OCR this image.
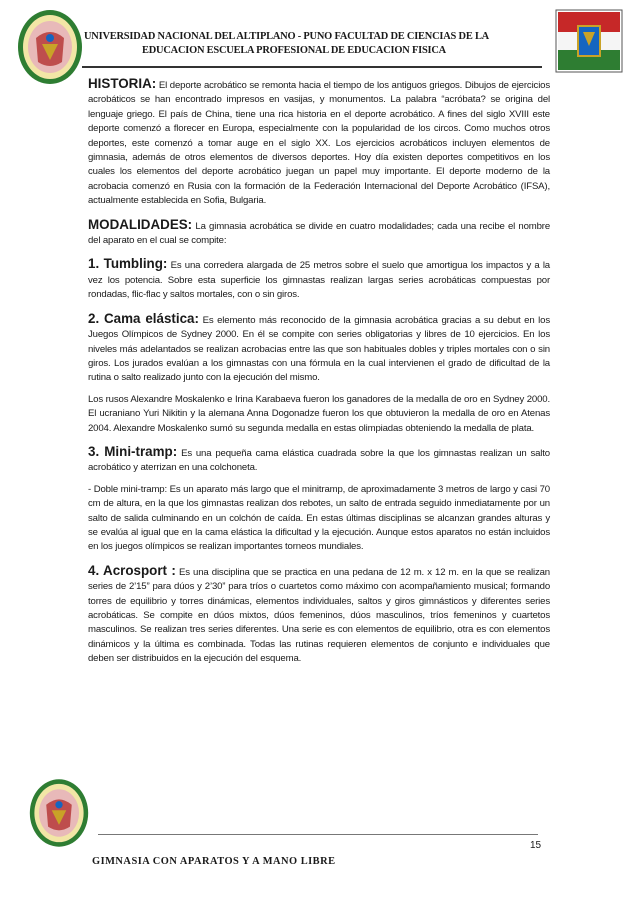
UNIVERSIDAD NACIONAL DEL ALTIPLANO - PUNO FACULTAD DE CIENCIAS DE LA
EDUCACION ESCUELA PROFESIONAL DE EDUCACION FISICA

HISTORIA: El deporte acrobático se remonta hacia el tiempo de los antiguos griegos. Dibujos de ejercicios acrobáticos se han encontrado impresos en vasijas, y monumentos. La palabra “acróbata? se origina del lenguaje griego. El país de China, tiene una rica historia en el deporte acrobático. A fines del siglo XVIII este deporte comenzó a florecer en Europa, especialmente con la popularidad de los circos. Como muchos otros deportes, este comenzó a tomar auge en el siglo XX. Los ejercicios acrobáticos incluyen elementos de gimnasia, además de otros elementos de diversos deportes. Hoy día existen deportes competitivos en los cuales los elementos del deporte acrobático juegan un papel muy importante. El deporte moderno de la acrobacia comenzó en Rusia con la formación de la Federación Internacional del Deporte Acrobático (IFSA), actualmente establecida en Sofia, Bulgaria.

MODALIDADES: La gimnasia acrobática se divide en cuatro modalidades; cada una recibe el nombre del aparato en el cual se compite:

1. Tumbling: Es una corredera alargada de 25 metros sobre el suelo que amortigua los impactos y a la vez los potencia. Sobre esta superficie los gimnastas realizan largas series acrobáticas compuestas por rondadas, flic-flac y saltos mortales, con o sin giros.

2. Cama elástica: Es elemento más reconocido de la gimnasia acrobática gracias a su debut en los Juegos Olímpicos de Sydney 2000. En él se compite con series obligatorias y libres de 10 ejercicios. En los niveles más adelantados se realizan acrobacias entre las que son habituales dobles y triples mortales con o sin giros. Los jurados evalúan a los gimnastas con una fórmula en la cual intervienen el grado de dificultad de la rutina o salto realizado junto con la ejecución del mismo.

Los rusos Alexandre Moskalenko e Irina Karabaeva fueron los ganadores de la medalla de oro en Sydney 2000. El ucraniano Yuri Nikitin y la alemana Anna Dogonadze fueron los que obtuvieron la medalla de oro en Atenas 2004. Alexandre Moskalenko sumó su segunda medalla en estas olimpiadas obteniendo la medalla de plata.

3. Mini-tramp: Es una pequeña cama elástica cuadrada sobre la que los gimnastas realizan un salto acrobático y aterrizan en una colchoneta.

- Doble mini-tramp: Es un aparato más largo que el minitramp, de aproximadamente 3 metros de largo y casi 70 cm de altura, en la que los gimnastas realizan dos rebotes, un salto de entrada seguido inmediatamente por un salto de salida culminando en un colchón de caída. En estas últimas disciplinas se alcanzan grandes alturas y se evalúa al igual que en la cama elástica la dificultad y la ejecución. Aunque estos aparatos no están incluidos en los juegos olímpicos se realizan importantes torneos mundiales.

4. Acrosport : Es una disciplina que se practica en una pedana de 12 m. x 12 m. en la que se realizan series de 2’15” para dúos y 2’30” para tríos o cuartetos como máximo con acompañamiento musical; formando torres de equilibrio y torres dinámicas, elementos individuales, saltos y giros gimnásticos y diferentes series acrobáticas. Se compite en dúos mixtos, dúos femeninos, dúos masculinos, tríos femeninos y cuartetos masculinos. Se realizan tres series diferentes. Una serie es con elementos de equilibrio, otra es con elementos dinámicos y la última es combinada. Todas las rutinas requieren elementos de conjunto e individuales que deben ser distribuidos en la ejecución del esquema.

15
GIMNASIA CON APARATOS Y A MANO LIBRE
